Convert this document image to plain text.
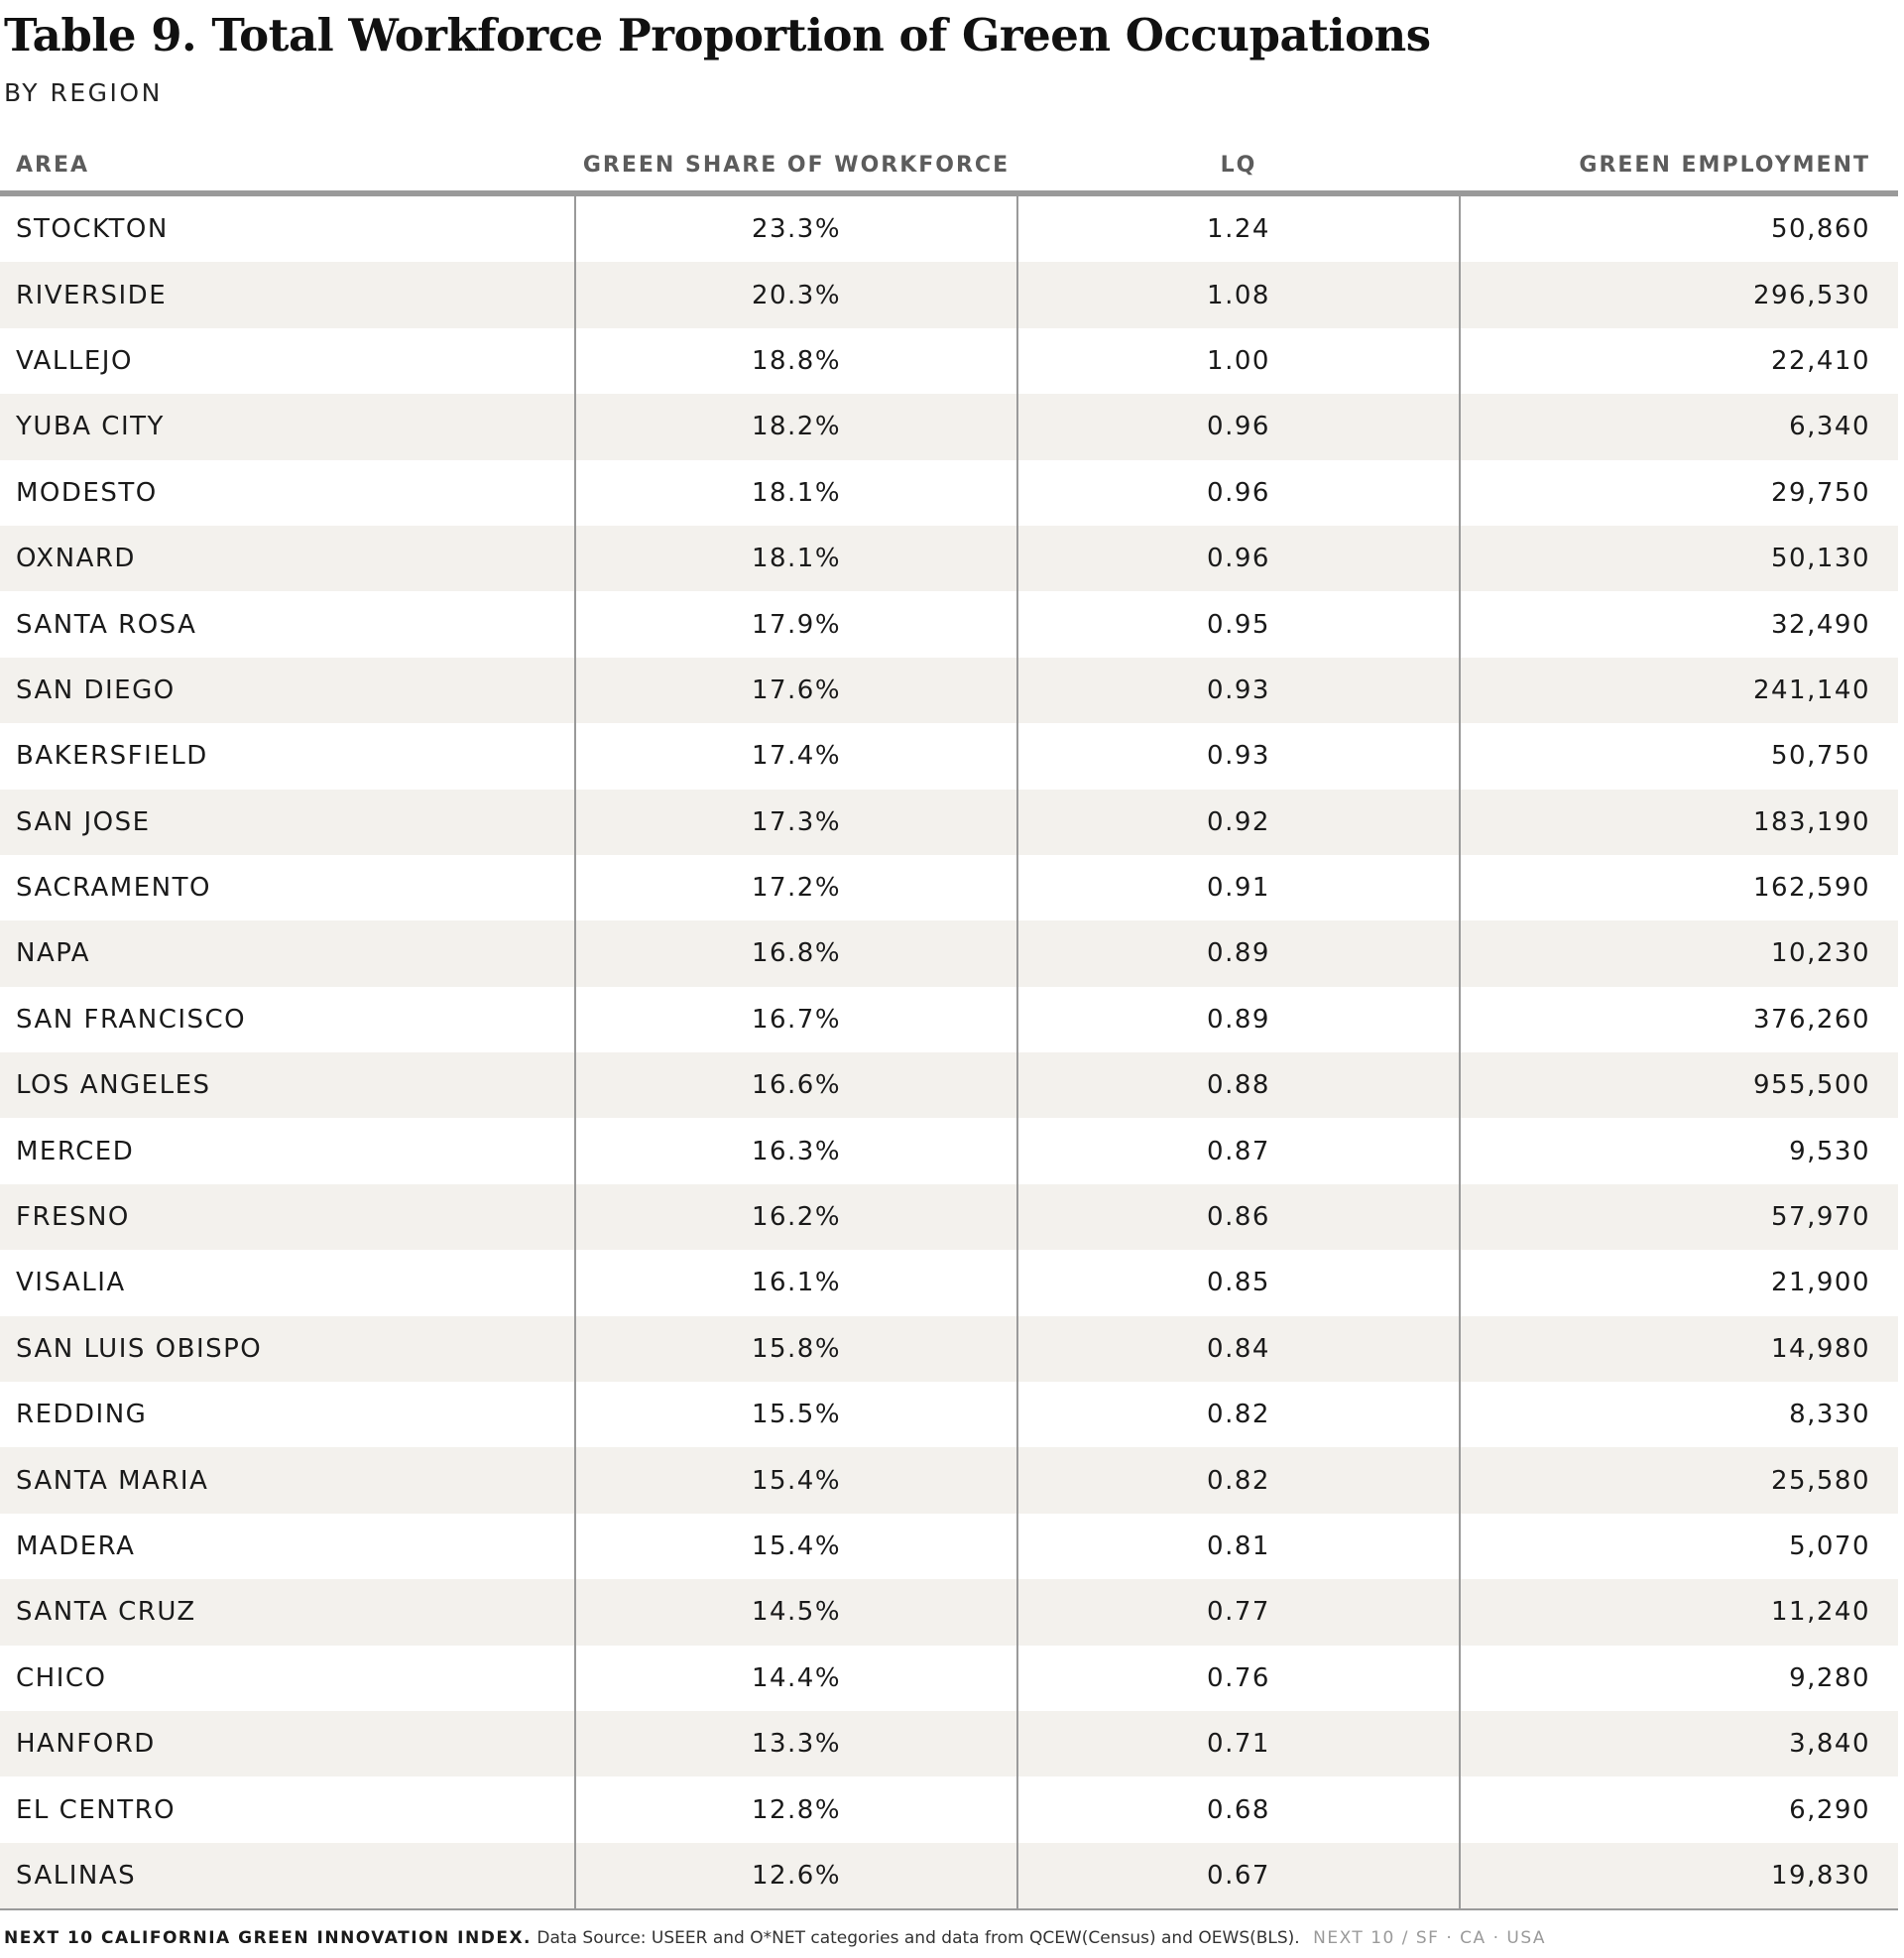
Table 9. Total Workforce Proportion of Green Occupations
BY REGION
AREA	GREEN SHARE OF WORKFORCE	LQ	GREEN EMPLOYMENT
STOCKTON	23.3%	1.24	50,860
RIVERSIDE	20.3%	1.08	296,530
VALLEJO	18.8%	1.00	22,410
YUBA CITY	18.2%	0.96	6,340
MODESTO	18.1%	0.96	29,750
OXNARD	18.1%	0.96	50,130
SANTA ROSA	17.9%	0.95	32,490
SAN DIEGO	17.6%	0.93	241,140
BAKERSFIELD	17.4%	0.93	50,750
SAN JOSE	17.3%	0.92	183,190
SACRAMENTO	17.2%	0.91	162,590
NAPA	16.8%	0.89	10,230
SAN FRANCISCO	16.7%	0.89	376,260
LOS ANGELES	16.6%	0.88	955,500
MERCED	16.3%	0.87	9,530
FRESNO	16.2%	0.86	57,970
VISALIA	16.1%	0.85	21,900
SAN LUIS OBISPO	15.8%	0.84	14,980
REDDING	15.5%	0.82	8,330
SANTA MARIA	15.4%	0.82	25,580
MADERA	15.4%	0.81	5,070
SANTA CRUZ	14.5%	0.77	11,240
CHICO	14.4%	0.76	9,280
HANFORD	13.3%	0.71	3,840
EL CENTRO	12.8%	0.68	6,290
SALINAS	12.6%	0.67	19,830
NEXT 10 CALIFORNIA GREEN INNOVATION INDEX. Data Source: USEER and O*NET categories and data from QCEW(Census) and OEWS(BLS). NEXT 10 / SF · CA · USA
